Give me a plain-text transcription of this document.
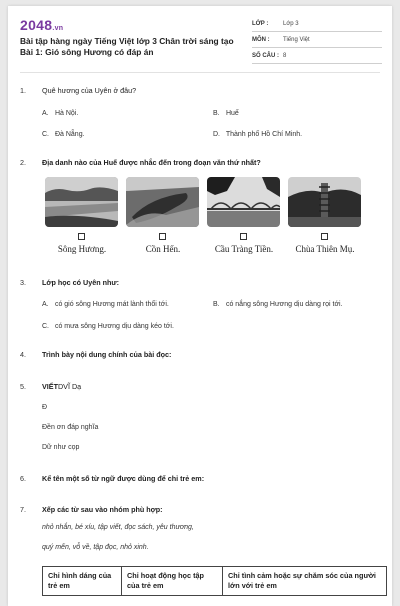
2048.vn
Bài tập hàng ngày Tiếng Việt lớp 3 Chân trời sáng tạo Bài 1: Gió sông Hương có đáp án
LỚP :	Lớp 3
MÔN :	Tiếng Việt
SỐ CÂU : 8
1.	Quê hương của Uyên ở đâu?
A. Hà Nội.	B. Huế
C. Đà Nẵng.	D. Thành phố Hồ Chí Minh.
2.	Địa danh nào của Huế được nhắc đến trong đoạn văn thứ nhất?
Sông Hương.	Cồn Hến.	Cầu Tràng Tiền.	Chùa Thiên Mụ.
3.	Lớp học có Uyên như:
A. có gió sông Hương mát lành thổi tới.	B. có nắng sông Hương dịu dàng rọi tới.
C. có mưa sông Hương dịu dàng kéo tới.
4.	Trình bày nội dung chính của bài đọc:
5.	VIẾTDVĨ Dạ
Đ
Đền ơn đáp nghĩa
Dữ như cọp
6.	Kể tên một số từ ngữ được dùng để chỉ trẻ em:
7.	Xếp các từ sau vào nhóm phù hợp:
nhỏ nhắn, bé xíu, tập viết, đọc sách, yêu thương,
quý mến, vỗ về, tập đọc, nhỏ xinh.
Chỉ hình dáng của trẻ em	Chỉ hoạt động học tập của trẻ em	Chỉ tình cảm hoặc sự chăm sóc của người lớn với trẻ em
